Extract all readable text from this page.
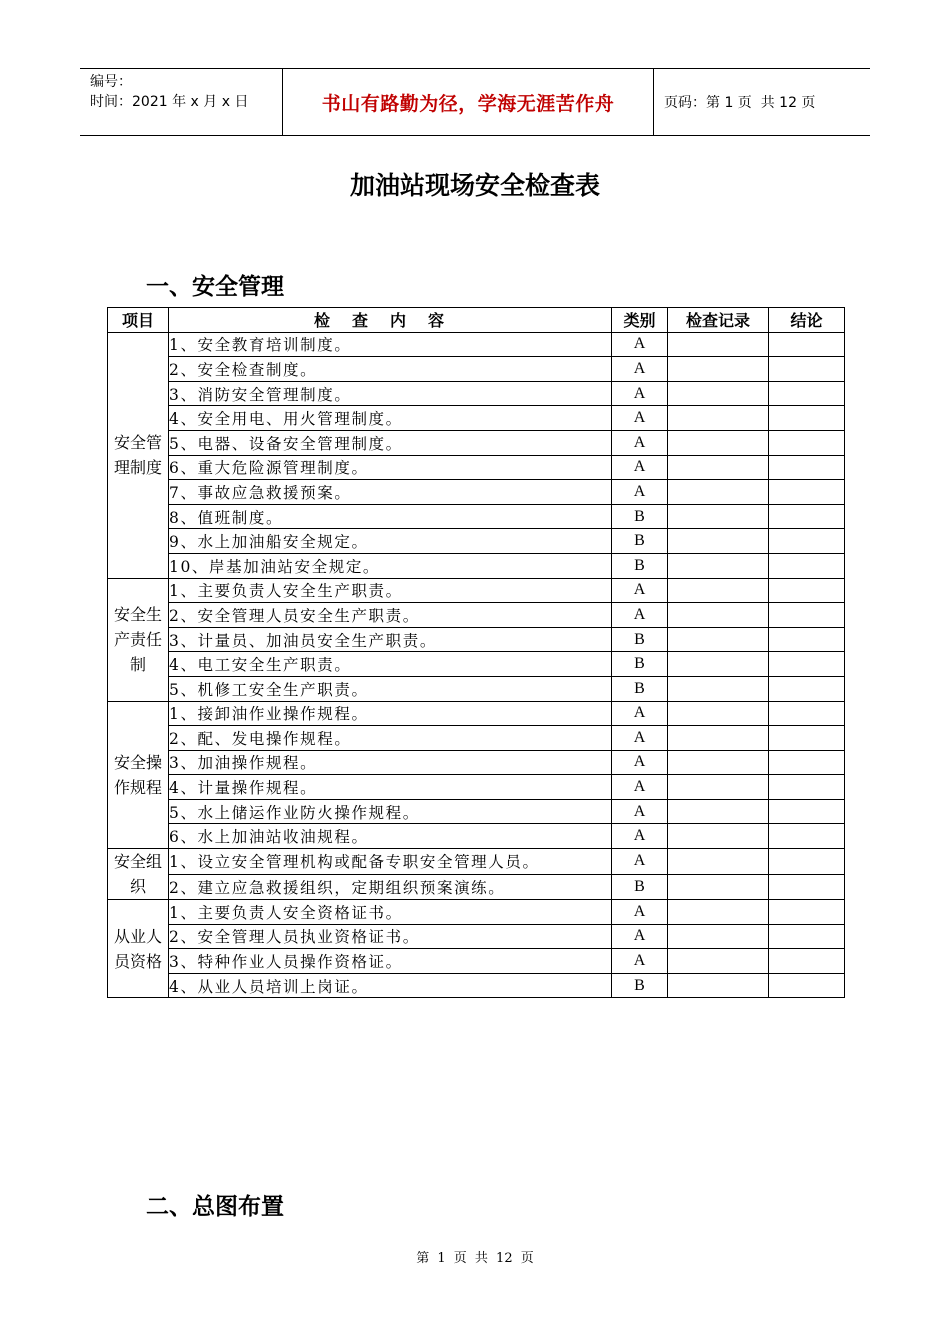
编号：
时间：2021 年 x 月 x 日	书山有路勤为径，学海无涯苦作舟	页码：第 1 页  共 12 页
加油站现场安全检查表
一、安全管理
项目	检查内容	类别	检查记录	结论
安全管理制度	1、安全教育培训制度。	A		
	2、安全检查制度。	A		
	3、消防安全管理制度。	A		
	4、安全用电、用火管理制度。	A		
	5、电器、设备安全管理制度。	A		
	6、重大危险源管理制度。	A		
	7、事故应急救援预案。	A		
	8、值班制度。	B		
	9、水上加油船安全规定。	B		
	10、岸基加油站安全规定。	B		
安全生产责任制	1、主要负责人安全生产职责。	A		
	2、安全管理人员安全生产职责。	A		
	3、计量员、加油员安全生产职责。	B		
	4、电工安全生产职责。	B		
	5、机修工安全生产职责。	B		
安全操作规程	1、接卸油作业操作规程。	A		
	2、配、发电操作规程。	A		
	3、加油操作规程。	A		
	4、计量操作规程。	A		
	5、水上储运作业防火操作规程。	A		
	6、水上加油站收油规程。	A		
安全组织	1、设立安全管理机构或配备专职安全管理人员。	A		
	2、建立应急救援组织，定期组织预案演练。	B		
从业人员资格	1、主要负责人安全资格证书。	A		
	2、安全管理人员执业资格证书。	A		
	3、特种作业人员操作资格证。	A		
	4、从业人员培训上岗证。	B		
二、总图布置
第 1 页 共 12 页
